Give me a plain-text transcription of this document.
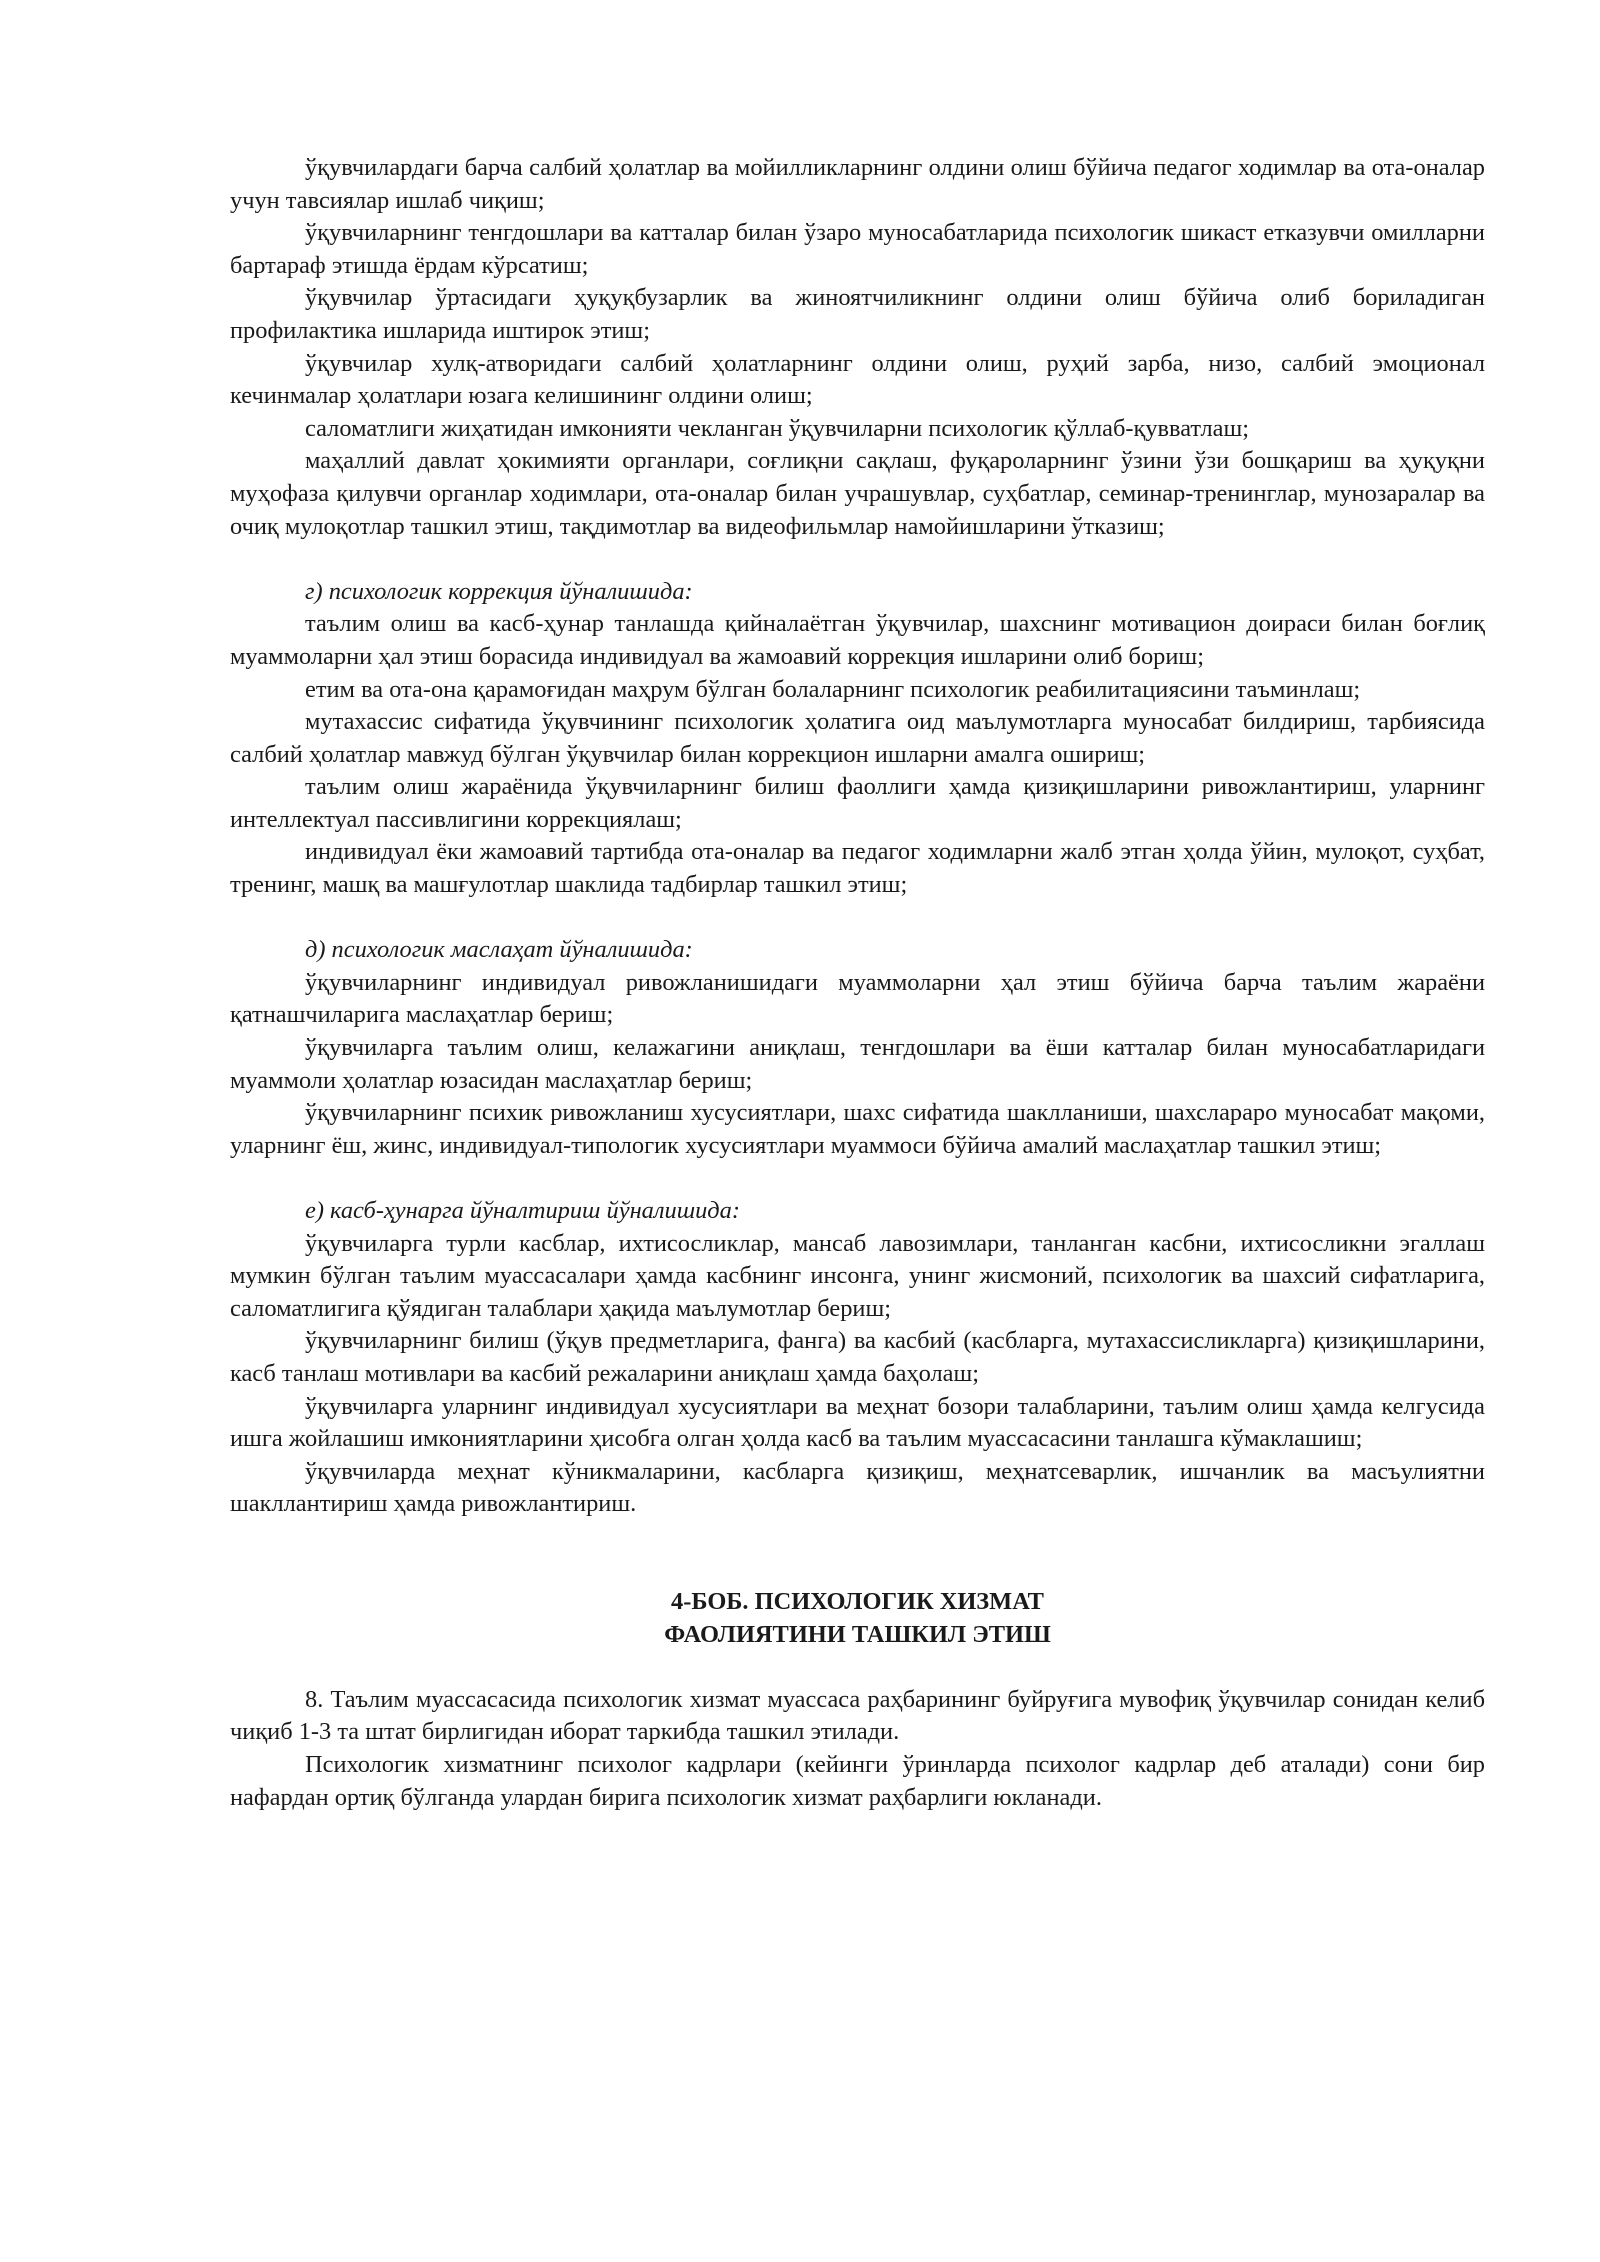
ўқувчилардаги барча салбий ҳолатлар ва мойилликларнинг олдини олиш бўйича педагог ходимлар ва ота-оналар учун тавсиялар ишлаб чиқиш;

ўқувчиларнинг тенгдошлари ва катталар билан ўзаро муносабатларида психологик шикаст етказувчи омилларни бартараф этишда ёрдам кўрсатиш;

ўқувчилар ўртасидаги ҳуқуқбузарлик ва жиноятчиликнинг олдини олиш бўйича олиб бориладиган профилактика ишларида иштирок этиш;

ўқувчилар хулқ-атворидаги салбий ҳолатларнинг олдини олиш, руҳий зарба, низо, салбий эмоционал кечинмалар ҳолатлари юзага келишининг олдини олиш;

саломатлиги жиҳатидан имконияти чекланган ўқувчиларни психологик қўллаб-қувватлаш;

маҳаллий давлат ҳокимияти органлари, соғлиқни сақлаш, фуқароларнинг ўзини ўзи бошқариш ва ҳуқуқни муҳофаза қилувчи органлар ходимлари, ота-оналар билан учрашувлар, суҳбатлар, семинар-тренинглар, мунозаралар ва очиқ мулоқотлар ташкил этиш, тақдимотлар ва видеофильмлар намойишларини ўтказиш;

г) психологик коррекция йўналишида:

таълим олиш ва касб-ҳунар танлашда қийналаётган ўқувчилар, шахснинг мотивацион доираси билан боғлиқ муаммоларни ҳал этиш борасида индивидуал ва жамоавий коррекция ишларини олиб бориш;

етим ва ота-она қарамоғидан маҳрум бўлган болаларнинг психологик реабилитациясини таъминлаш;

мутахассис сифатида ўқувчининг психологик ҳолатига оид маълумотларга муносабат билдириш, тарбиясида салбий ҳолатлар мавжуд бўлган ўқувчилар билан коррекцион ишларни амалга ошириш;

таълим олиш жараёнида ўқувчиларнинг билиш фаоллиги ҳамда қизиқишларини ривожлантириш, уларнинг интеллектуал пассивлигини коррекциялаш;

индивидуал ёки жамоавий тартибда ота-оналар ва педагог ходимларни жалб этган ҳолда ўйин, мулоқот, суҳбат, тренинг, машқ ва машғулотлар шаклида тадбирлар ташкил этиш;

д) психологик маслаҳат йўналишида:

ўқувчиларнинг индивидуал ривожланишидаги муаммоларни ҳал этиш бўйича барча таълим жараёни қатнашчиларига маслаҳатлар бериш;

ўқувчиларга таълим олиш, келажагини аниқлаш, тенгдошлари ва ёши катталар билан муносабатларидаги муаммоли ҳолатлар юзасидан маслаҳатлар бериш;

ўқувчиларнинг психик ривожланиш хусусиятлари, шахс сифатида шаклланиши, шахслараро муносабат мақоми, уларнинг ёш, жинс, индивидуал-типологик хусусиятлари муаммоси бўйича амалий маслаҳатлар ташкил этиш;

е) касб-ҳунарга йўналтириш йўналишида:

ўқувчиларга турли касблар, ихтисосликлар, мансаб лавозимлари, танланган касбни, ихтисосликни эгаллаш мумкин бўлган таълим муассасалари ҳамда касбнинг инсонга, унинг жисмоний, психологик ва шахсий сифатларига, саломатлигига қўядиган талаблари ҳақида маълумотлар бериш;

ўқувчиларнинг билиш (ўқув предметларига, фанга) ва касбий (касбларга, мутахассисликларга) қизиқишларини, касб танлаш мотивлари ва касбий режаларини аниқлаш ҳамда баҳолаш;

ўқувчиларга уларнинг индивидуал хусусиятлари ва меҳнат бозори талабларини, таълим олиш ҳамда келгусида ишга жойлашиш имкониятларини ҳисобга олган ҳолда касб ва таълим муассасасини танлашга кўмаклашиш;

ўқувчиларда меҳнат кўникмаларини, касбларга қизиқиш, меҳнатсеварлик, ишчанлик ва масъулиятни шакллантириш ҳамда ривожлантириш.

4-БОБ. ПСИХОЛОГИК ХИЗМАТ
ФАОЛИЯТИНИ ТАШКИЛ ЭТИШ

8. Таълим муассасасида психологик хизмат муассаса раҳбарининг буйруғига мувофиқ ўқувчилар сонидан келиб чиқиб 1-3 та штат бирлигидан иборат таркибда ташкил этилади.

Психологик хизматнинг психолог кадрлари (кейинги ўринларда психолог кадрлар деб аталади) сони бир нафардан ортиқ бўлганда улардан бирига психологик хизмат раҳбарлиги юкланади.
